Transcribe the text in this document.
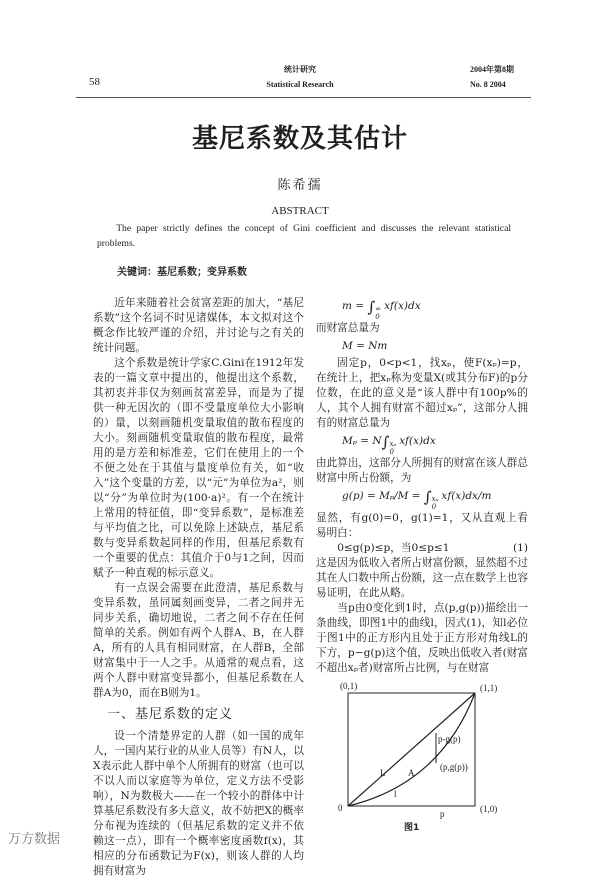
58
统计研究
Statistical Research
2004年第8期
No. 8 2004
基尼系数及其估计
陈希孺
ABSTRACT
The paper strictly defines the concept of Gini coefficient and discusses the relevant statistical problems.
关键词：基尼系数；变异系数

近年来随着社会贫富差距的加大，“基尼系数”这个名词不时见诸媒体，本文拟对这个概念作比较严谨的介绍，并讨论与之有关的统计问题。

这个系数是统计学家C.Gini在1912年发表的一篇文章中提出的，他提出这个系数，其初衷并非仅为刻画贫富差异，而是为了提供一种无因次的（即不受量度单位大小影响的）量，以刻画随机变量取值的散布程度的大小。刻画随机变量取值的散布程度，最常用的是方差和标准差，它们在使用上的一个不便之处在于其值与量度单位有关，如“收入”这个变量的方差，以“元”为单位为a²，则以“分”为单位时为(100·a)²。有一个在统计上常用的特征值，即“变异系数”，是标准差与平均值之比，可以免除上述缺点，基尼系数与变异系数起同样的作用，但基尼系数有一个重要的优点：其值介于0与1之间，因而赋予一种直观的标示意义。

有一点误会需要在此澄清，基尼系数与变异系数，虽同属刻画变异，二者之间并无同步关系，确切地说，二者之间不存在任何简单的关系。例如有两个人群A、B，在人群A，所有的人具有相同财富，在人群B，全部财富集中于一人之手。从通常的观点看，这两个人群中财富变异都小，但基尼系数在人群A为0，而在B则为1。

一、基尼系数的定义

设一个清楚界定的人群（如一国的成年人，一国内某行业的从业人员等）有N人，以X表示此人群中单个人所拥有的财富（也可以不以人而以家庭等为单位，定义方法不受影响），N为数极大——在一个较小的群体中计算基尼系数没有多大意义，故不妨把X的概率分布视为连续的（但基尼系数的定义并不依赖这一点），即有一个概率密度函数f(x)，其相应的分布函数记为F(x)，则该人群的人均拥有财富为

m = ∫ ∞
0
xf(x)dx
而财富总量为
M = Nm
固定p，0<p<1，找xₚ，使F(xₚ)=p，在统计上，把xₚ称为变量X(或其分布F)的p分位数，在此的意义是“该人群中有100p%的人，其个人拥有财富不超过xₚ”，这部分人拥有的财富总量为
Mₚ = N∫ xₚ
0
xf(x)dx
由此算出，这部分人所拥有的财富在该人群总财富中所占份额，为
g(p) = Mₚ/M = ∫ xₚ
0
xf(x)dx/m
显然，有g(0)=0，g(1)=1，又从直观上看易明白：
0≤g(p)≤p，当0≤p≤1	(1)
这是因为低收入者所占财富份额，显然超不过其在人口数中所占份额，这一点在数学上也容易证明，在此从略。
当p由0变化到1时，点(p,g(p))描绘出一条曲线，即图1中的曲线l，因式(1)，知l必位于图1中的正方形内且处于正方形对角线L的下方，p−g(p)这个值，反映出低收入者(财富不超出xₚ者)财富所占比例，与在财富
(0,1)	(1,1)
(1,0)
0
p
L	A
l
p-g(p)
(p,g(p))
图1
万方数据
